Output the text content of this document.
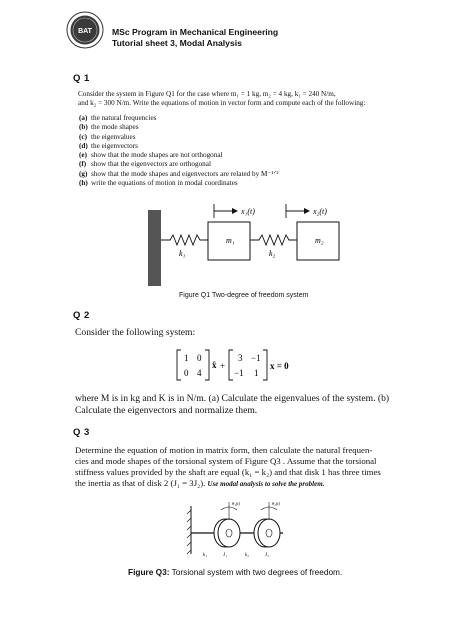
BAT MSc Program in Mechanical Engineering
Tutorial sheet 3, Modal Analysis
Q 1
Consider the system in Figure Q1 for the case where m₁ = 1 kg, m₂ = 4 kg, k₁ = 240 N/m,
and k₂ = 300 N/m. Write the equations of motion in vector form and compute each of the following:
(a) the natural frequencies
(b) the mode shapes
(c) the eigenvalues
(d) the eigenvectors
(e) show that the mode shapes are not orthogonal
(f) show that the eigenvectors are orthogonal
(g) show that the mode shapes and eigenvectors are related by M⁻¹ᐟ²
(h) write the equations of motion in modal coordinates
x₁(t)	x₂(t)
m₁	m₂
k₁	k₂
Figure Q1 Two-degree of freedom system
Q 2
Consider the following system:
1 0
0 4
ẍ +
3 −1
−1 1
x = 0
where M is in kg and K is in N/m. (a) Calculate the eigenvalues of the system. (b)
Calculate the eigenvectors and normalize them.
Q 3
Determine the equation of motion in matrix form, then calculate the natural frequen-
cies and mode shapes of the torsional system of Figure Q3 . Assume that the torsional
stiffness values provided by the shaft are equal (k₁ = k₂) and that disk 1 has three times
the inertia as that of disk 2 (J₁ = 3J₂). Use modal analysis to solve the problem.
θ₁(t)	θ₂(t)
k₁	J₁	k₂	J₂
Figure Q3: Torsional system with two degrees of freedom.
